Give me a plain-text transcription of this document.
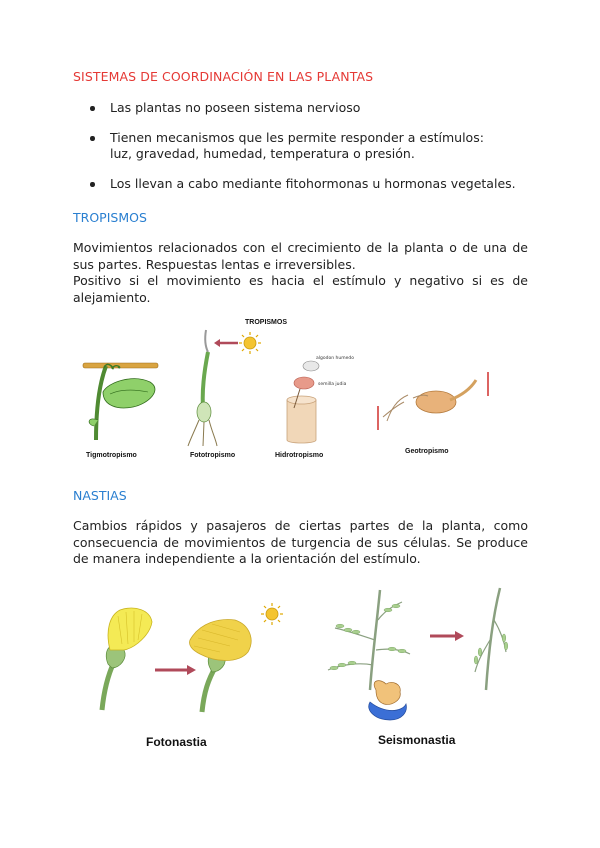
SISTEMAS DE COORDINACIÓN EN LAS PLANTAS
Las plantas no poseen sistema nervioso
Tienen mecanismos que les permite responder a estímulos:
luz, gravedad, humedad, temperatura o presión.
Los llevan a cabo mediante fitohormonas u hormonas vegetales.
TROPISMOS
Movimientos relacionados con el crecimiento de la planta o de una de sus partes. Respuestas lentas e irreversibles.
Positivo si el movimiento es hacia el estímulo y negativo si es de alejamiento.
TROPISMOS
algodon humedo
semilla judia
Tigmotropismo	Fototropismo	Hidrotropismo
Geotropismo
NASTIAS
Cambios rápidos y pasajeros de ciertas partes de la planta, como consecuencia de movimientos de turgencia de sus células. Se produce de manera independiente a la orientación del estímulo.
Fotonastia	Seismonastia
